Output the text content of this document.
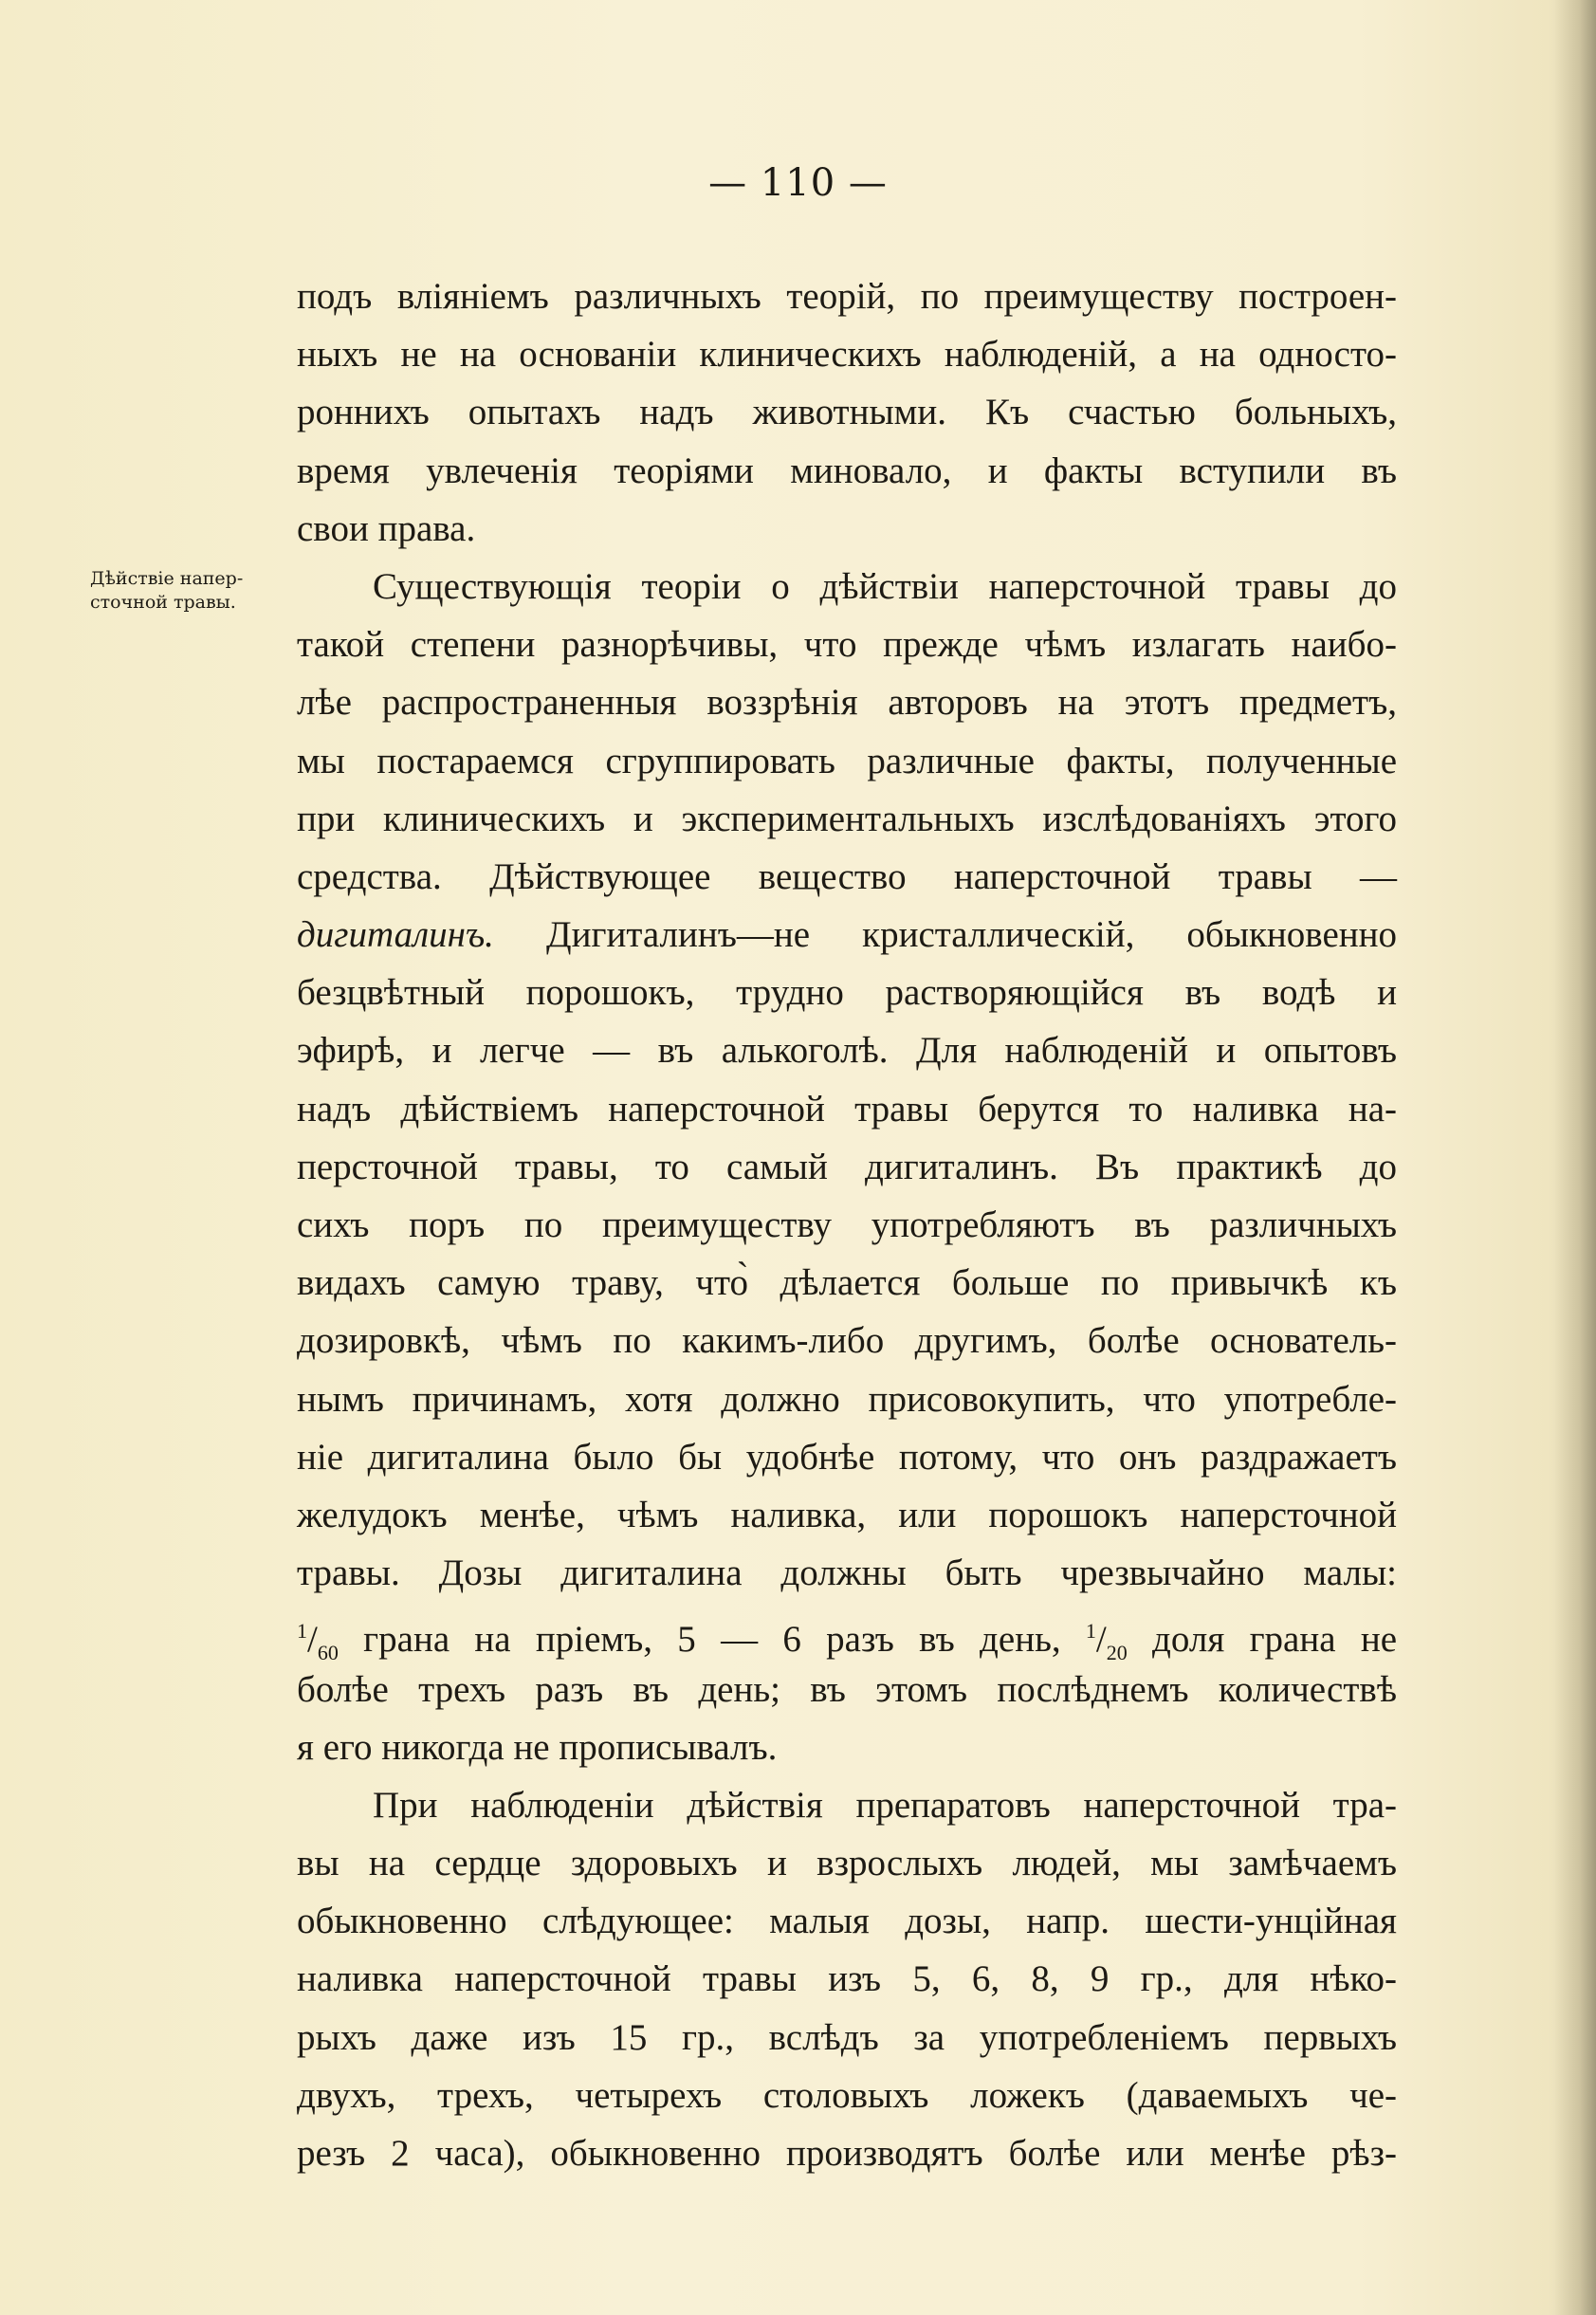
— 110 —
Дѣйствіе напер-
сточной травы.
подъ вліяніемъ различныхъ теорій, по преимуществу построен-
ныхъ не на основаніи клиническихъ наблюденій, а на односто-
роннихъ опытахъ надъ животными. Къ счастью больныхъ,
время увлеченія теоріями миновало, и факты вступили въ
свои права.
Существующія теоріи о дѣйствіи наперсточной травы до
такой степени разнорѣчивы, что прежде чѣмъ излагать наибо-
лѣе распространенныя воззрѣнія авторовъ на этотъ предметъ,
мы постараемся сгруппировать различные факты, полученные
при клиническихъ и экспериментальныхъ изслѣдованіяхъ этого
средства. Дѣйствующее вещество наперсточной травы —
дигиталинъ. Дигиталинъ—не кристаллическій, обыкновенно
безцвѣтный порошокъ, трудно растворяющійся въ водѣ и
эфирѣ, и легче — въ алькоголѣ. Для наблюденій и опытовъ
надъ дѣйствіемъ наперсточной травы берутся то наливка на-
персточной травы, то самый дигиталинъ. Въ практикѣ до
сихъ поръ по преимуществу употребляютъ въ различныхъ
видахъ самую траву, что̀ дѣлается больше по привычкѣ къ
дозировкѣ, чѣмъ по какимъ-либо другимъ, болѣе основатель-
нымъ причинамъ, хотя должно присовокупить, что употребле-
ніе дигиталина было бы удобнѣе потому, что онъ раздражаетъ
желудокъ менѣе, чѣмъ наливка, или порошокъ наперсточной
травы. Дозы дигиталина должны быть чрезвычайно малы:
$^1/_{60}$ грана на пріемъ, 5 — 6 разъ въ день, $^1/_{20}$ доля грана не
болѣе трехъ разъ въ день; въ этомъ послѣднемъ количествѣ
я его никогда не прописывалъ.
При наблюденіи дѣйствія препаратовъ наперсточной тра-
вы на сердце здоровыхъ и взрослыхъ людей, мы замѣчаемъ
обыкновенно слѣдующее: малыя дозы, напр. шести-унційная
наливка наперсточной травы изъ 5, 6, 8, 9 гр., для нѣко-
рыхъ даже изъ 15 гр., вслѣдъ за употребленіемъ первыхъ
двухъ, трехъ, четырехъ столовыхъ ложекъ (даваемыхъ че-
резъ 2 часа), обыкновенно производятъ болѣе или менѣе рѣз-
